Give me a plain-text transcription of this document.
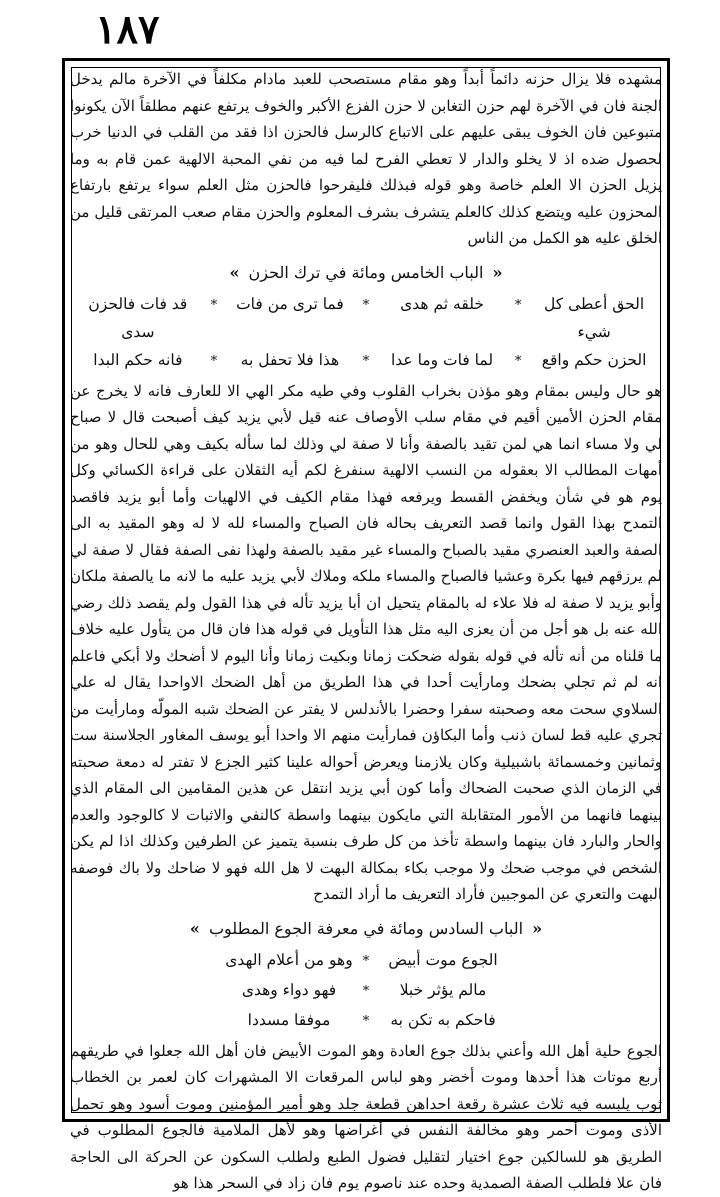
١٨٧

مشهده فلا يزال حزنه دائماً أبداً وهو مقام مستصحب للعبد مادام مكلفاً في الآخرة مالم يدخل الجنة فان في الآخرة لهم حزن التغابن لا حزن الفزع الأكبر والخوف يرتفع عنهم مطلقاً الآن يكونوا متبوعين فان الخوف يبقى عليهم على الاتباع كالرسل فالحزن اذا فقد من القلب في الدنيا خرب لحصول ضده اذ لا يخلو والدار لا تعطي الفرح لما فيه من نفي المحبة الالهية عمن قام به وما يزيل الحزن الا العلم خاصة وهو قوله فبذلك فليفرحوا فالحزن مثل العلم سواء يرتفع بارتفاع المحزون عليه ويتضع كذلك كالعلم يتشرف بشرف المعلوم والحزن مقام صعب المرتقى قليل من الخلق عليه هو الكمل من الناس

« الباب الخامس ومائة في ترك الحزن »
الحق أعطى كل شيء
*
خلقه ثم هدى
*
فما ترى من فات
*
قد فات فالحزن سدى
الحزن حكم واقع
*
لما فات وما عدا
*
هذا فلا تحفل به
*
فانه حكم البدا

هو حال وليس بمقام وهو مؤذن بخراب القلوب وفي طيه مكر الهي الا للعارف فانه لا يخرج عن مقام الحزن الأمين أقيم في مقام سلب الأوصاف عنه قيل لأبي يزيد كيف أصبحت قال لا صباح لي ولا مساء انما هي لمن تقيد بالصفة وأنا لا صفة لي وذلك لما سأله بكيف وهي للحال وهو من أمهات المطالب الا بعقوله من النسب الالهية سنفرغ لكم أيه الثقلان على قراءة الكسائي وكل يوم هو في شأن ويخفض القسط ويرفعه فهذا مقام الكيف في الالهيات وأما أبو يزيد فاقصد التمدح بهذا القول وانما قصد التعريف بحاله فان الصباح والمساء لله لا له وهو المقيد به الى الصفة والعبد العنصري مقيد بالصباح والمساء غير مقيد بالصفة ولهذا نفى الصفة فقال لا صفة لي لم يرزقهم فيها بكرة وعشيا فالصباح والمساء ملكه وملاك لأبي يزيد عليه ما لانه ما يالصفة ملكان وأبو يزيد لا صفة له فلا علاء له بالمقام يتحيل ان أبا يزيد تأله في هذا القول ولم يقصد ذلك رضي الله عنه بل هو أجل من أن يعزى اليه مثل هذا التأويل في قوله هذا فان قال من يتأول عليه خلاف ما قلناه من أنه تأله في قوله بقوله ضحكت زمانا وبكيت زمانا وأنا اليوم لا أضحك ولا أبكي فاعلم انه لم ثم تجلي بضحك ومارأيت أحدا في هذا الطريق من أهل الضحك الاواحدا يقال له علي السلاوي سحت معه وصحبته سفرا وحضرا بالأندلس لا يفتر عن الضحك شبه المولّه ومارأيت من تجري عليه قط لسان ذنب وأما البكاؤن فمارأيت منهم الا واحدا أبو يوسف المغاور الجلاسنة ست وثمانين وخمسمائة باشبيلية وكان يلازمنا ويعرض أحواله علينا كثير الجزع لا تفتر له دمعة صحبته في الزمان الذي صحبت الضحاك وأما كون أبي يزيد انتقل عن هذين المقامين الى المقام الذي بينهما فانهما من الأمور المتقابلة التي مايكون بينهما واسطة كالنفي والاثبات لا كالوجود والعدم والحار والبارد فان بينهما واسطة تأخذ من كل طرف بنسبة يتميز عن الطرفين وكذلك اذا لم يكن الشخص في موجب ضحك ولا موجب بكاء بمكالة البهت لا هل الله فهو لا ضاحك ولا باك فوصفه البهت والتعري عن الموجبين فأراد التعريف ما أراد التمدح

« الباب السادس ومائة في معرفة الجوع المطلوب »
الجوع موت أبيض
*
وهو من أعلام الهدى
مالم يؤثر خبلا
*
فهو دواء وهدى
فاحكم به تكن به
*
موفقا مسددا

الجوع حلية أهل الله وأعني بذلك جوع العادة وهو الموت الأبيض فان أهل الله جعلوا في طريقهم أربع موتات هذا أحدها وموت أخضر وهو لباس المرقعات الا المشهرات كان لعمر بن الخطاب ثوب يلبسه فيه ثلاث عشرة رقعة احداهن قطعة جلد وهو أمير المؤمنين وموت أسود وهو تحمل الأذى وموت أحمر وهو مخالفة النفس في أغراضها وهو لأهل الملامية فالجوع المطلوب في الطريق هو للسالكين جوع اختيار لتقليل فضول الطبع ولطلب السكون عن الحركة الى الحاجة فان علا فلطلب الصفة الصمدية وحده عند ناصوم يوم فان زاد في السحر هذا هو
